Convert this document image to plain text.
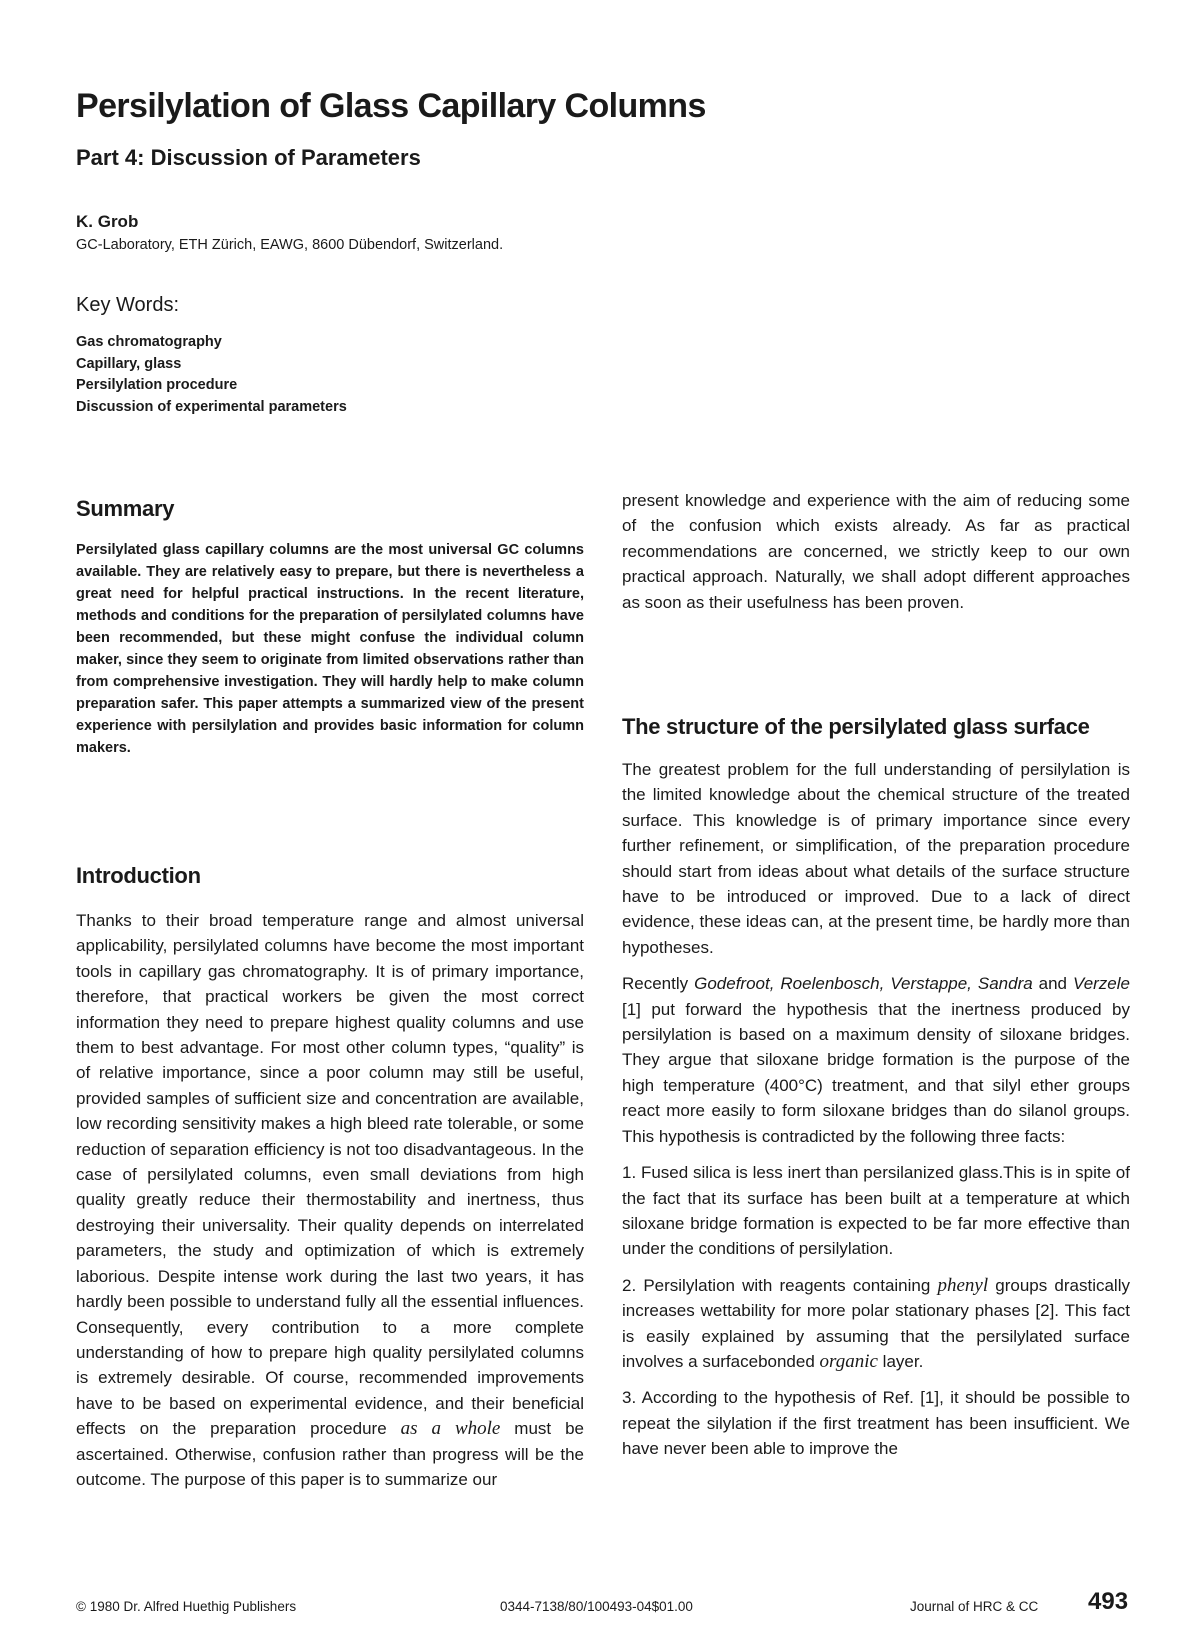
Persilylation of Glass Capillary Columns
Part 4: Discussion of Parameters
K. Grob
GC-Laboratory, ETH Zürich, EAWG, 8600 Dübendorf, Switzerland.
Key Words:
Gas chromatography
Capillary, glass
Persilylation procedure
Discussion of experimental parameters
Summary

Persilylated glass capillary columns are the most universal GC columns available. They are relatively easy to prepare, but there is nevertheless a great need for helpful practical instructions. In the recent literature, methods and conditions for the preparation of persilylated columns have been recommended, but these might confuse the individual column maker, since they seem to originate from limited observations rather than from comprehensive investigation. They will hardly help to make column preparation safer. This paper attempts a summarized view of the present experience with persilylation and provides basic information for column makers.

Introduction

Thanks to their broad temperature range and almost universal applicability, persilylated columns have become the most important tools in capillary gas chromatography. It is of primary importance, therefore, that practical workers be given the most correct information they need to prepare highest quality columns and use them to best advantage. For most other column types, “quality” is of relative importance, since a poor column may still be useful, provided samples of sufficient size and concentration are available, low recording sensitivity makes a high bleed rate tolerable, or some reduction of separation efficiency is not too disadvantageous. In the case of persilylated columns, even small deviations from high quality greatly reduce their thermostability and inertness, thus destroying their universality. Their quality depends on interrelated parameters, the study and optimization of which is extremely laborious. Despite intense work during the last two years, it has hardly been possible to understand fully all the essential influences. Consequently, every contribution to a more complete understanding of how to prepare high quality persilylated columns is extremely desirable. Of course, recommended improvements have to be based on experimental evidence, and their beneficial effects on the preparation procedure as a whole must be ascertained. Otherwise, confusion rather than progress will be the outcome. The purpose of this paper is to summarize our

present knowledge and experience with the aim of reducing some of the confusion which exists already. As far as practical recommendations are concerned, we strictly keep to our own practical approach. Naturally, we shall adopt different approaches as soon as their usefulness has been proven.

The structure of the persilylated glass surface

The greatest problem for the full understanding of persilylation is the limited knowledge about the chemical structure of the treated surface. This knowledge is of primary importance since every further refinement, or simplification, of the preparation procedure should start from ideas about what details of the surface structure have to be introduced or improved. Due to a lack of direct evidence, these ideas can, at the present time, be hardly more than hypotheses.

Recently Godefroot, Roelenbosch, Verstappe, Sandra and Verzele [1] put forward the hypothesis that the inertness produced by persilylation is based on a maximum density of siloxane bridges. They argue that siloxane bridge formation is the purpose of the high temperature (400°C) treatment, and that silyl ether groups react more easily to form siloxane bridges than do silanol groups. This hypothesis is contradicted by the following three facts:

1. Fused silica is less inert than persilanized glass.This is in spite of the fact that its surface has been built at a temperature at which siloxane bridge formation is expected to be far more effective than under the conditions of persilylation.

2. Persilylation with reagents containing phenyl groups drastically increases wettability for more polar stationary phases [2]. This fact is easily explained by assuming that the persilylated surface involves a surfacebonded organic layer.

3. According to the hypothesis of Ref. [1], it should be possible to repeat the silylation if the first treatment has been insufficient. We have never been able to improve the

© 1980 Dr. Alfred Huethig Publishers	0344-7138/80/100493-04$01.00	Journal of HRC & CC 493
